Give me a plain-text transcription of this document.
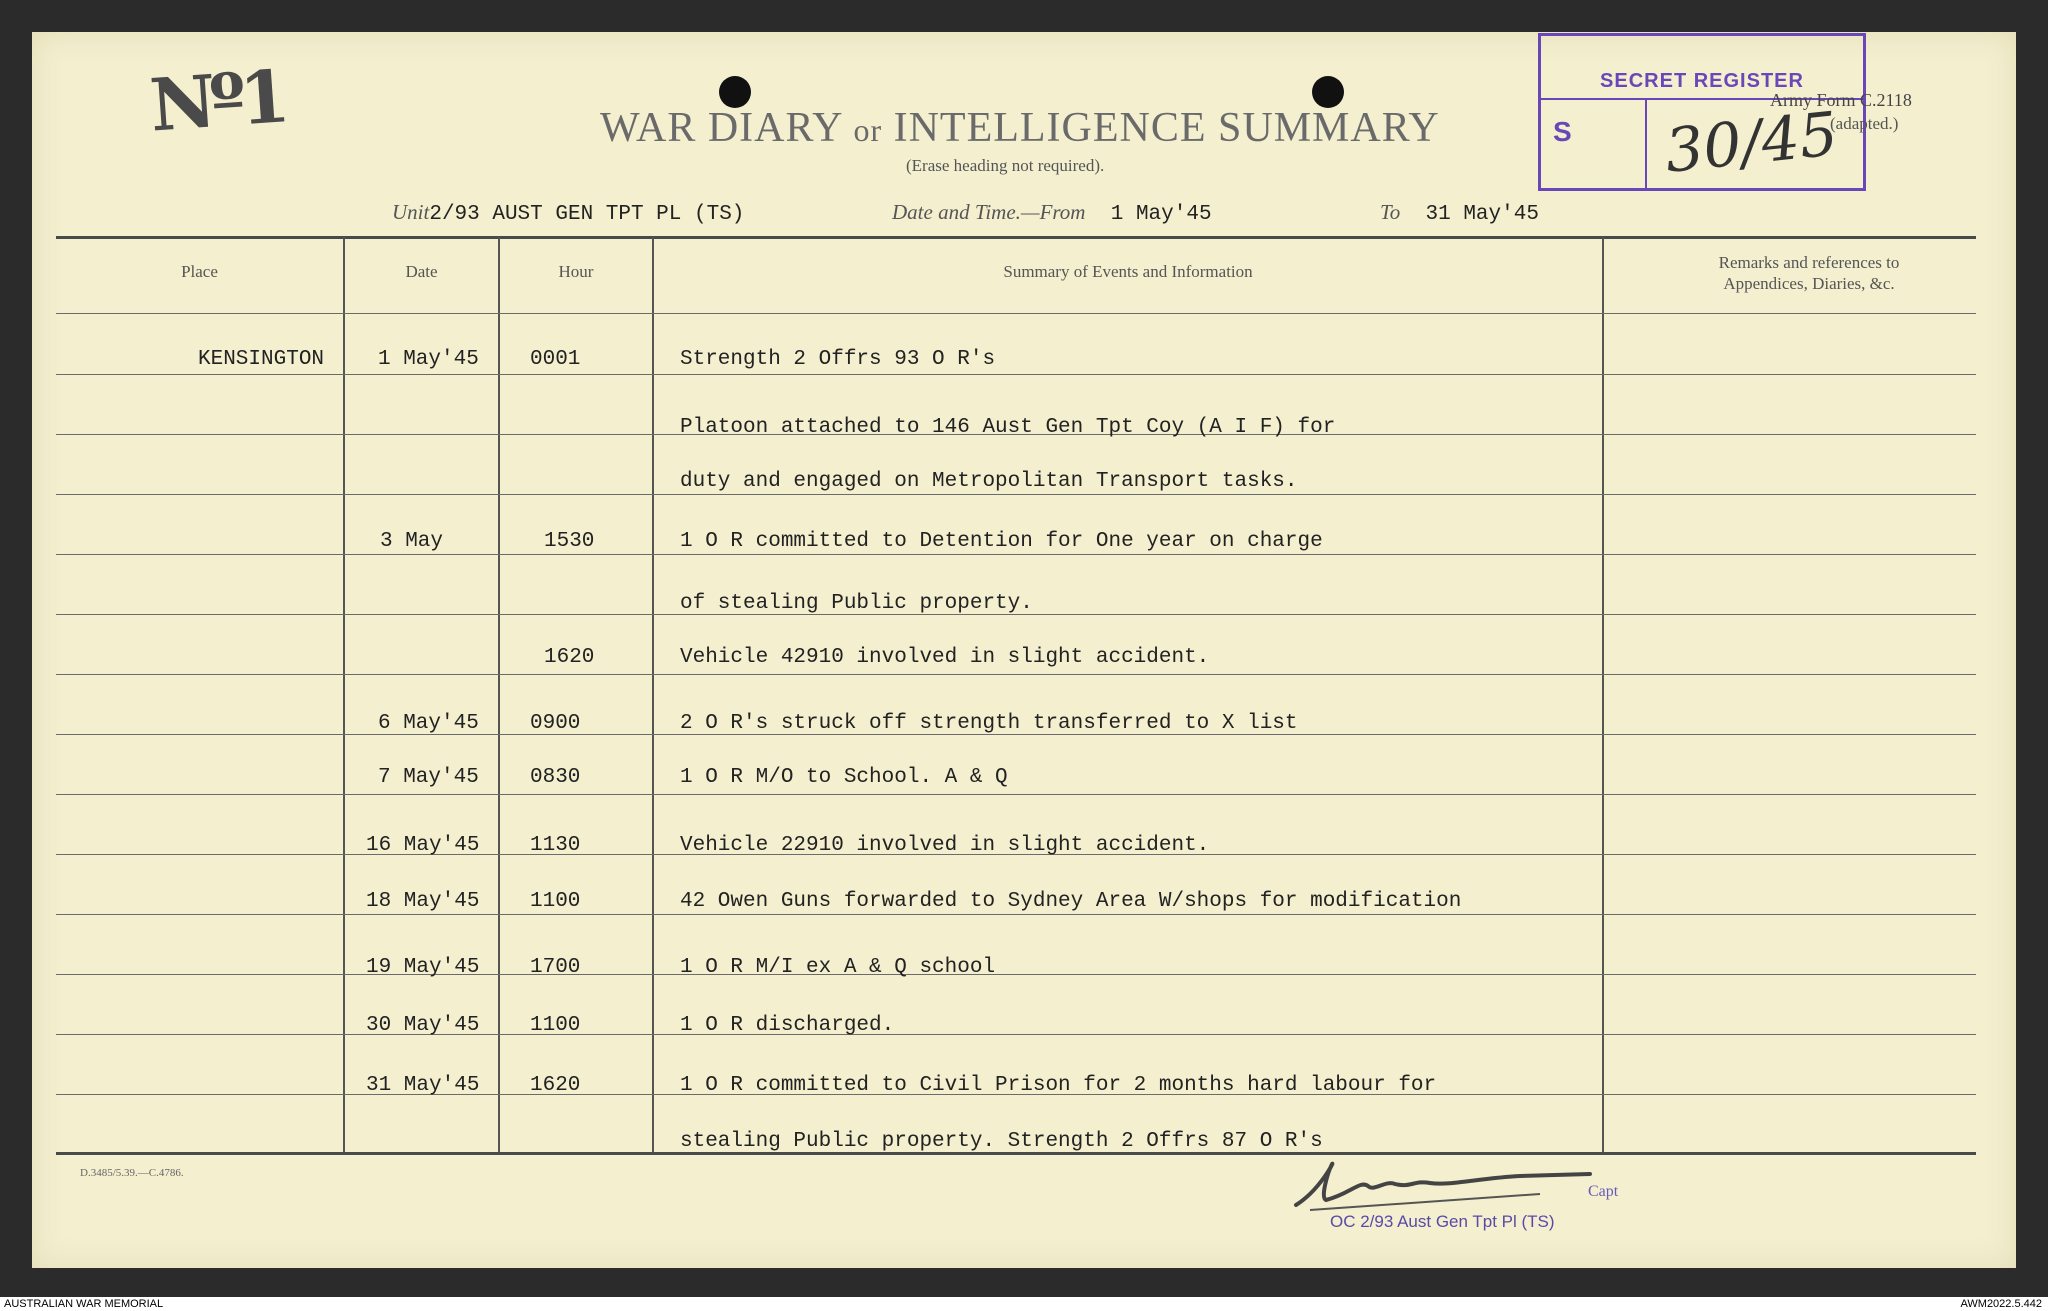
Nº1	WAR DIARY or INTELLIGENCE SUMMARY
(Erase heading not required).
SECRET REGISTER
S 30/45
Army Form C.2118
(adapted.)
Unit2/93 AUST GEN TPT PL (TS)	Date and Time.—From 1 May'45	To 31 May'45
Place	Date	Hour	Summary of Events and Information	Remarks and references to
Appendices, Diaries, &c.
KENSINGTON	1 May'45 0001	Strength 2 Offrs 93 O R's
Platoon attached to 146 Aust Gen Tpt Coy (A I F) for
duty and engaged on Metropolitan Transport tasks.
3 May	1530	1 O R committed to Detention for One year on charge
of stealing Public property.
1620	Vehicle 42910 involved in slight accident.
6 May'45 0900	2 O R's struck off strength transferred to X list
7 May'45 0830	1 O R M/O to School. A & Q
16 May'45 1130	Vehicle 22910 involved in slight accident.
18 May'45 1100	42 Owen Guns forwarded to Sydney Area W/shops for modification
19 May'45 1700	1 O R M/I ex A & Q school
30 May'45 1100	1 O R discharged.
31 May'45 1620	1 O R committed to Civil Prison for 2 months hard labour for
stealing Public property. Strength 2 Offrs 87 O R's
D.3485/5.39.—C.4786.
Capt
OC 2/93 Aust Gen Tpt Pl (TS)
AUSTRALIAN WAR MEMORIAL	AWM2022.5.442
